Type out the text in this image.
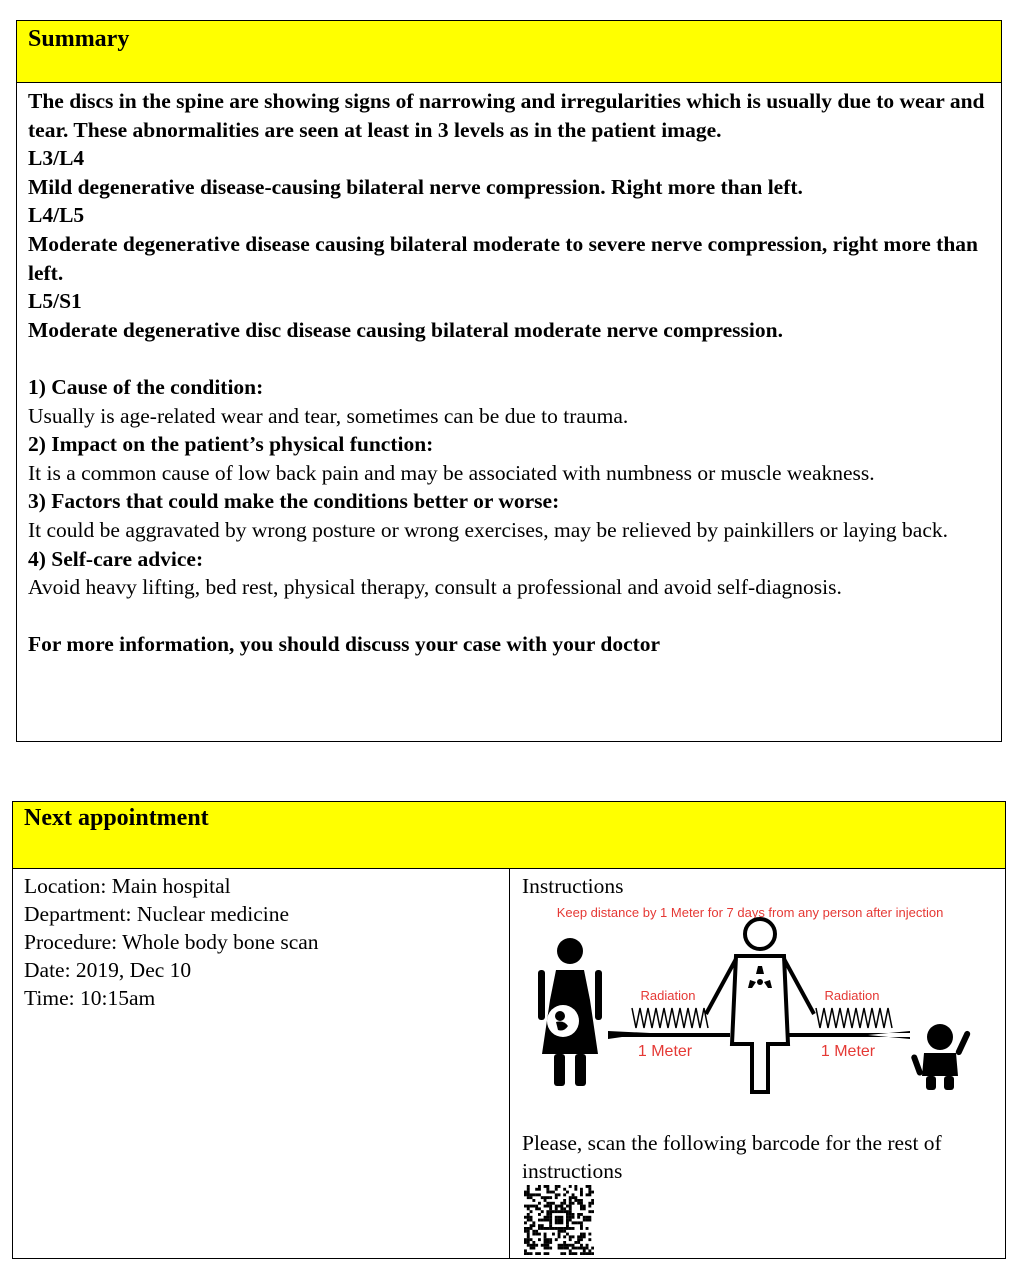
Summary

The discs in the spine are showing signs of narrowing and irregularities which is usually due to wear and tear. These abnormalities are seen at least in 3 levels as in the patient image.

L3/L4

Mild degenerative disease-causing bilateral nerve compression. Right more than left.

L4/L5

Moderate degenerative disease causing bilateral moderate to severe nerve compression, right more than left.

L5/S1

Moderate degenerative disc disease causing bilateral moderate nerve compression.

1) Cause of the condition:

Usually is age-related wear and tear, sometimes can be due to trauma.

2) Impact on the patient’s physical function:

It is a common cause of low back pain and may be associated with numbness or muscle weakness.

3) Factors that could make the conditions better or worse:

It could be aggravated by wrong posture or wrong exercises, may be relieved by painkillers or laying back.

4) Self-care advice:

Avoid heavy lifting, bed rest, physical therapy, consult a professional and avoid self-diagnosis.

For more information, you should discuss your case with your doctor

Next appointment
Location: Main hospital
Department: Nuclear medicine
Procedure: Whole body bone scan
Date: 2019, Dec 10
Time: 10:15am
Instructions
Keep distance by 1 Meter for 7 days from any person after injection
Radiation	Radiation
1 Meter	1 Meter
Please, scan the following barcode for the rest of instructions
